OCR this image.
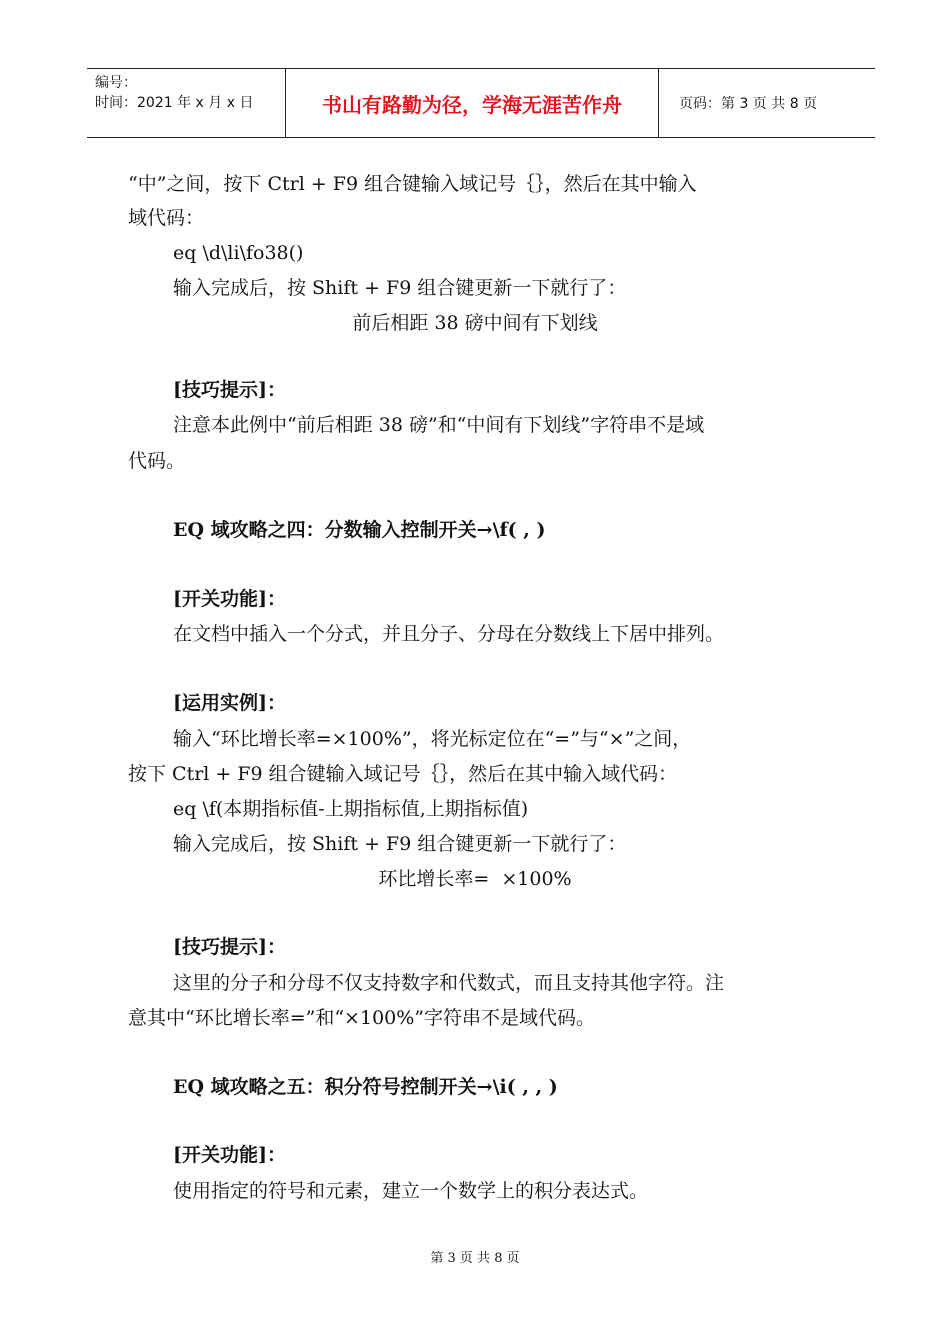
编号：
时间：2021 年 x 月 x 日	书山有路勤为径，学海无涯苦作舟	页码：第 3 页 共 8 页
“中”之间，按下 Ctrl + F9 组合键输入域记号｛｝，然后在其中输入
域代码：
eq \d\li\fo38()
输入完成后，按 Shift + F9 组合键更新一下就行了：
前后相距 38 磅中间有下划线
[技巧提示]：
注意本此例中“前后相距 38 磅”和“中间有下划线”字符串不是域
代码。
EQ 域攻略之四：分数输入控制开关→\f( , )
[开关功能]：
在文档中插入一个分式，并且分子、分母在分数线上下居中排列。
[运用实例]：
输入“环比增长率=×100%”，将光标定位在“=”与“×”之间，
按下 Ctrl + F9 组合键输入域记号｛｝，然后在其中输入域代码：
eq \f(本期指标值-上期指标值,上期指标值)
输入完成后，按 Shift + F9 组合键更新一下就行了：
环比增长率=  ×100%
[技巧提示]：
这里的分子和分母不仅支持数字和代数式，而且支持其他字符。注
意其中“环比增长率=”和“×100%”字符串不是域代码。
EQ 域攻略之五：积分符号控制开关→\i( , , )
[开关功能]：
使用指定的符号和元素，建立一个数学上的积分表达式。
第 3 页 共 8 页
